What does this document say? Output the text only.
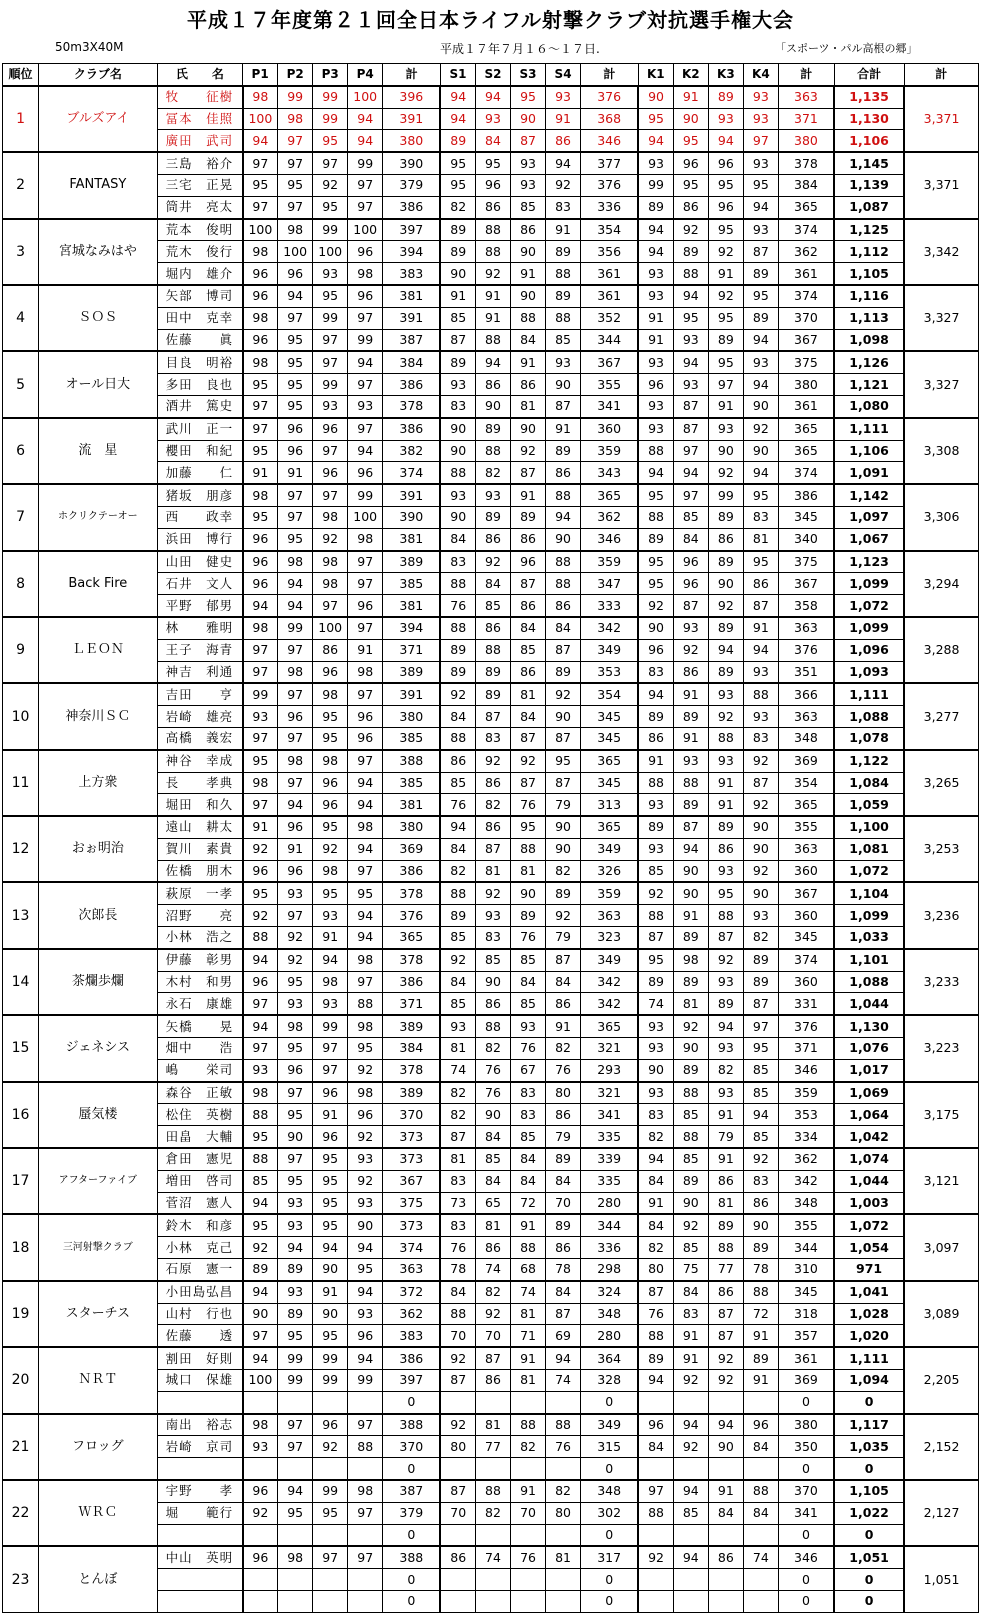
平成１７年度第２１回全日本ライフル射撃クラブ対抗選手権大会
50m3X40M	平成１７年７月１６～１７日.	「スポーツ・パル高根の郷」
順位	クラブ名	氏　　名	P1	P2	P3	P4	計	S1	S2	S3	S4	計	K1	K2	K3	K4	計	合計	計
1	ブルズアイ	牧　　征樹	98	99	99	100	396	94	94	95	93	376	90	91	89	93	363	1,135	3,371
		冨本　佳照	100	98	99	94	391	94	93	90	91	368	95	90	93	93	371	1,130	
		廣田　武司	94	97	95	94	380	89	84	87	86	346	94	95	94	97	380	1,106	
2	FANTASY	三島　裕介	97	97	97	99	390	95	95	93	94	377	93	96	96	93	378	1,145	3,371
		三宅　正晃	95	95	92	97	379	95	96	93	92	376	99	95	95	95	384	1,139	
		筒井　亮太	97	97	95	97	386	82	86	85	83	336	89	86	96	94	365	1,087	
3	宮城なみはや	荒本　俊明	100	98	99	100	397	89	88	86	91	354	94	92	95	93	374	1,125	3,342
		荒木　俊行	98	100	100	96	394	89	88	90	89	356	94	89	92	87	362	1,112	
		堀内　雄介	96	96	93	98	383	90	92	91	88	361	93	88	91	89	361	1,105	
4	ＳＯＳ	矢部　博司	96	94	95	96	381	91	91	90	89	361	93	94	92	95	374	1,116	3,327
		田中　克幸	98	97	99	97	391	85	91	88	88	352	91	95	95	89	370	1,113	
		佐藤　　眞	96	95	97	99	387	87	88	84	85	344	91	93	89	94	367	1,098	
5	オール日大	目良　明裕	98	95	97	94	384	89	94	91	93	367	93	94	95	93	375	1,126	3,327
		多田　良也	95	95	99	97	386	93	86	86	90	355	96	93	97	94	380	1,121	
		酒井　篤史	97	95	93	93	378	83	90	81	87	341	93	87	91	90	361	1,080	
6	流　星	武川　正一	97	96	96	97	386	90	89	90	91	360	93	87	93	92	365	1,111	3,308
		櫻田　和紀	95	96	97	94	382	90	88	92	89	359	88	97	90	90	365	1,106	
		加藤　　仁	91	91	96	96	374	88	82	87	86	343	94	94	92	94	374	1,091	
7	ホクリクテーオー	猪坂　朋彦	98	97	97	99	391	93	93	91	88	365	95	97	99	95	386	1,142	3,306
		西　　政幸	95	97	98	100	390	90	89	89	94	362	88	85	89	83	345	1,097	
		浜田　博行	96	95	92	98	381	84	86	86	90	346	89	84	86	81	340	1,067	
8	Back Fire	山田　健史	96	98	98	97	389	83	92	96	88	359	95	96	89	95	375	1,123	3,294
		石井　文人	96	94	98	97	385	88	84	87	88	347	95	96	90	86	367	1,099	
		平野　郁男	94	94	97	96	381	76	85	86	86	333	92	87	92	87	358	1,072	
9	ＬＥＯＮ	林　　雅明	98	99	100	97	394	88	86	84	84	342	90	93	89	91	363	1,099	3,288
		王子　海青	97	97	86	91	371	89	88	85	87	349	96	92	94	94	376	1,096	
		神吉　利通	97	98	96	98	389	89	89	86	89	353	83	86	89	93	351	1,093	
10	神奈川ＳＣ	吉田　　亨	99	97	98	97	391	92	89	81	92	354	94	91	93	88	366	1,111	3,277
		岩崎　雄亮	93	96	95	96	380	84	87	84	90	345	89	89	92	93	363	1,088	
		高橋　義宏	97	97	95	96	385	88	83	87	87	345	86	91	88	83	348	1,078	
11	上方衆	神谷　幸成	95	98	98	97	388	86	92	92	95	365	91	93	93	92	369	1,122	3,265
		長　　孝典	98	97	96	94	385	85	86	87	87	345	88	88	91	87	354	1,084	
		堀田　和久	97	94	96	94	381	76	82	76	79	313	93	89	91	92	365	1,059	
12	おぉ明治	遠山　耕太	91	96	95	98	380	94	86	95	90	365	89	87	89	90	355	1,100	3,253
		賀川　素貴	92	91	92	94	369	84	87	88	90	349	93	94	86	90	363	1,081	
		佐橋　朋木	96	96	98	97	386	82	81	81	82	326	85	90	93	92	360	1,072	
13	次郎長	萩原　一孝	95	93	95	95	378	88	92	90	89	359	92	90	95	90	367	1,104	3,236
		沼野　　亮	92	97	93	94	376	89	93	89	92	363	88	91	88	93	360	1,099	
		小林　浩之	88	92	91	94	365	85	83	76	79	323	87	89	87	82	345	1,033	
14	茶爛歩爛	伊藤　彰男	94	92	94	98	378	92	85	85	87	349	95	98	92	89	374	1,101	3,233
		木村　和男	96	95	98	97	386	84	90	84	84	342	89	89	93	89	360	1,088	
		永石　康雄	97	93	93	88	371	85	86	85	86	342	74	81	89	87	331	1,044	
15	ジェネシス	矢橋　　晃	94	98	99	98	389	93	88	93	91	365	93	92	94	97	376	1,130	3,223
		畑中　　浩	97	95	97	95	384	81	82	76	82	321	93	90	93	95	371	1,076	
		嶋　　栄司	93	96	97	92	378	74	76	67	76	293	90	89	82	85	346	1,017	
16	蜃気楼	森谷　正敏	98	97	96	98	389	82	76	83	80	321	93	88	93	85	359	1,069	3,175
		松住　英樹	88	95	91	96	370	82	90	83	86	341	83	85	91	94	353	1,064	
		田畠　大輔	95	90	96	92	373	87	84	85	79	335	82	88	79	85	334	1,042	
17	アフターファイブ	倉田　憲児	88	97	95	93	373	81	85	84	89	339	94	85	91	92	362	1,074	3,121
		増田　啓司	85	95	95	92	367	83	84	84	84	335	84	89	86	83	342	1,044	
		菅沼　憲人	94	93	95	93	375	73	65	72	70	280	91	90	81	86	348	1,003	
18	三河射撃クラブ	鈴木　和彦	95	93	95	90	373	83	81	91	89	344	84	92	89	90	355	1,072	3,097
		小林　克己	92	94	94	94	374	76	86	88	86	336	82	85	88	89	344	1,054	
		石原　憲一	89	89	90	95	363	78	74	68	78	298	80	75	77	78	310	971	
19	スターチス	小田島弘昌	94	93	91	94	372	84	82	74	84	324	87	84	86	88	345	1,041	3,089
		山村　行也	90	89	90	93	362	88	92	81	87	348	76	83	87	72	318	1,028	
		佐藤　　透	97	95	95	96	383	70	70	71	69	280	88	91	87	91	357	1,020	
20	ＮＲＴ	割田　好則	94	99	99	94	386	92	87	91	94	364	89	91	92	89	361	1,111	2,205
		城口　保雄	100	99	99	99	397	87	86	81	74	328	94	92	92	91	369	1,094	
							0					0					0	0	
21	フロッグ	南出　裕志	98	97	96	97	388	92	81	88	88	349	96	94	94	96	380	1,117	2,152
		岩崎　京司	93	97	92	88	370	80	77	82	76	315	84	92	90	84	350	1,035	
							0					0					0	0	
22	ＷＲＣ	宇野　　孝	96	94	99	98	387	87	88	91	82	348	97	94	91	88	370	1,105	2,127
		堀　　範行	92	95	95	97	379	70	82	70	80	302	88	85	84	84	341	1,022	
							0					0					0	0	
23	とんぼ	中山　英明	96	98	97	97	388	86	74	76	81	317	92	94	86	74	346	1,051	1,051
							0					0					0	0	
							0					0					0	0	
